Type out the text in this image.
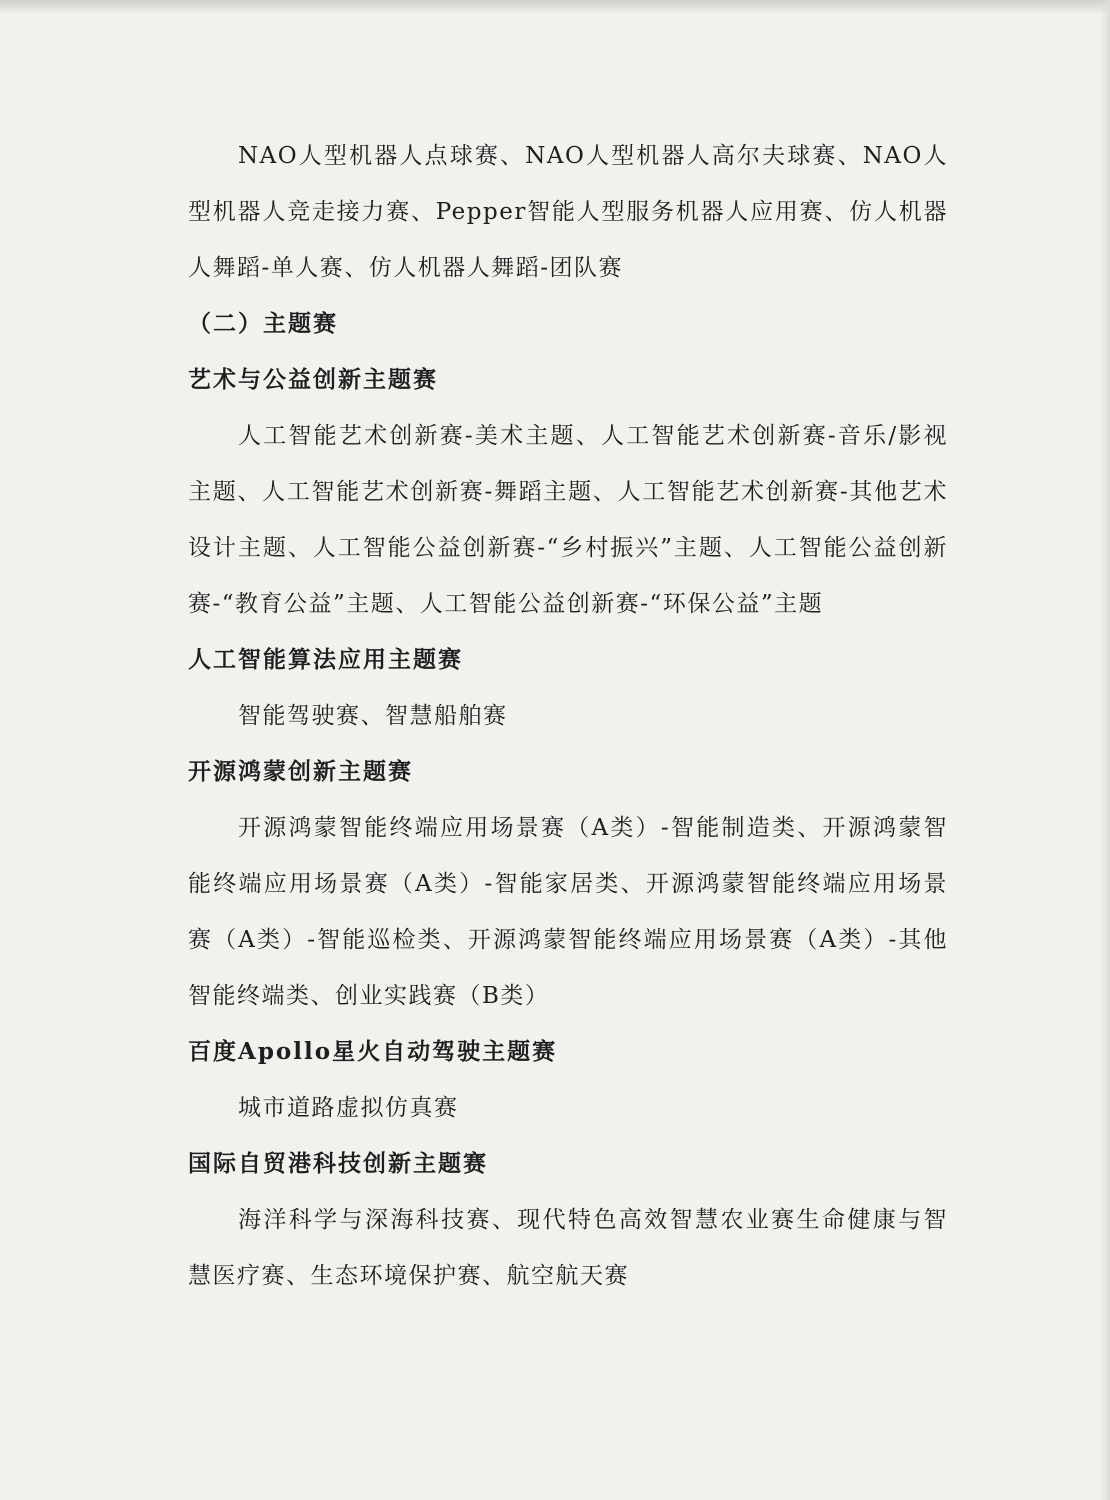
NAO人型机器人点球赛、NAO人型机器人高尔夫球赛、NAO人型机器人竞走接力赛、Pepper智能人型服务机器人应用赛、仿人机器人舞蹈-单人赛、仿人机器人舞蹈-团队赛

（二）主题赛

艺术与公益创新主题赛

人工智能艺术创新赛-美术主题、人工智能艺术创新赛-音乐/影视主题、人工智能艺术创新赛-舞蹈主题、人工智能艺术创新赛-其他艺术设计主题、人工智能公益创新赛-“乡村振兴”主题、人工智能公益创新赛-“教育公益”主题、人工智能公益创新赛-“环保公益”主题

人工智能算法应用主题赛

智能驾驶赛、智慧船舶赛

开源鸿蒙创新主题赛

开源鸿蒙智能终端应用场景赛（A类）-智能制造类、开源鸿蒙智能终端应用场景赛（A类）-智能家居类、开源鸿蒙智能终端应用场景赛（A类）-智能巡检类、开源鸿蒙智能终端应用场景赛（A类）-其他智能终端类、创业实践赛（B类）

百度Apollo星火自动驾驶主题赛

城市道路虚拟仿真赛

国际自贸港科技创新主题赛

海洋科学与深海科技赛、现代特色高效智慧农业赛生命健康与智慧医疗赛、生态环境保护赛、航空航天赛
